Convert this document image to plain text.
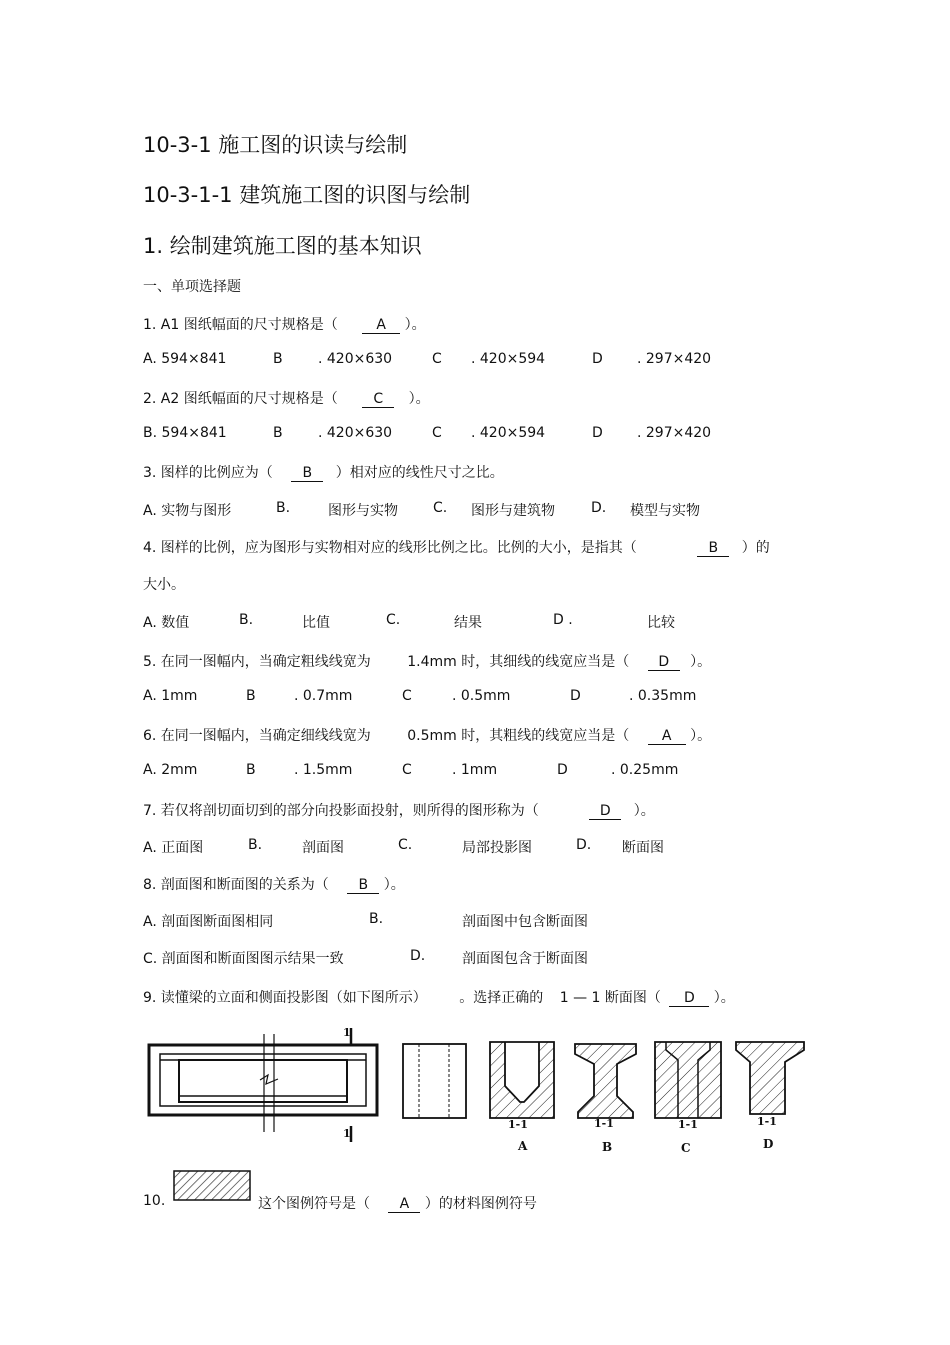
10-3-1 施工图的识读与绘制
10-3-1-1 建筑施工图的识图与绘制
1. 绘制建筑施工图的基本知识
一、单项选择题
1. A1 图纸幅面的尺寸规格是（	A ）。
A. 594×841	B	. 420×630	C . 420×594	D . 297×420
2. A2 图纸幅面的尺寸规格是（	C ）。
B. 594×841	B	. 420×630	C . 420×594	D . 297×420
3. 图样的比例应为（ B ）相对应的线性尺寸之比。
A. 实物与图形	B.	图形与实物	C. 图形与建筑物	D. 模型与实物
4. 图样的比例，应为图形与实物相对应的线形比例之比。比例的大小，是指其（	B ）的
大小。
A. 数值	B.	比值	C.	结果	D .	比较
5. 在同一图幅内，当确定粗线线宽为	1.4mm 时，其细线的线宽应当是（ D ）。
A. 1mm	B	. 0.7mm	C	. 0.5mm	D	. 0.35mm
6. 在同一图幅内，当确定细线线宽为	0.5mm 时，其粗线的线宽应当是（ A ）。
A. 2mm	B	. 1.5mm	C	. 1mm	D	. 0.25mm
7. 若仅将剖切面切到的部分向投影面投射，则所得的图形称为（	D ）。
A. 正面图	B.	剖面图	C.	局部投影图	D. 断面图
8. 剖面图和断面图的关系为（ B ）。
A. 剖面图断面图相同	B.	剖面图中包含断面图
C. 剖面图和断面图图示结果一致	D.	剖面图包含于断面图
9. 读懂梁的立面和侧面投影图（如下图所示） 。选择正确的 1 — 1 断面图（ D ）。
1
1
1-1	1-1	1-1	1-1
A	B	C	D
10.	这个图例符号是（ A ）的材料图例符号
